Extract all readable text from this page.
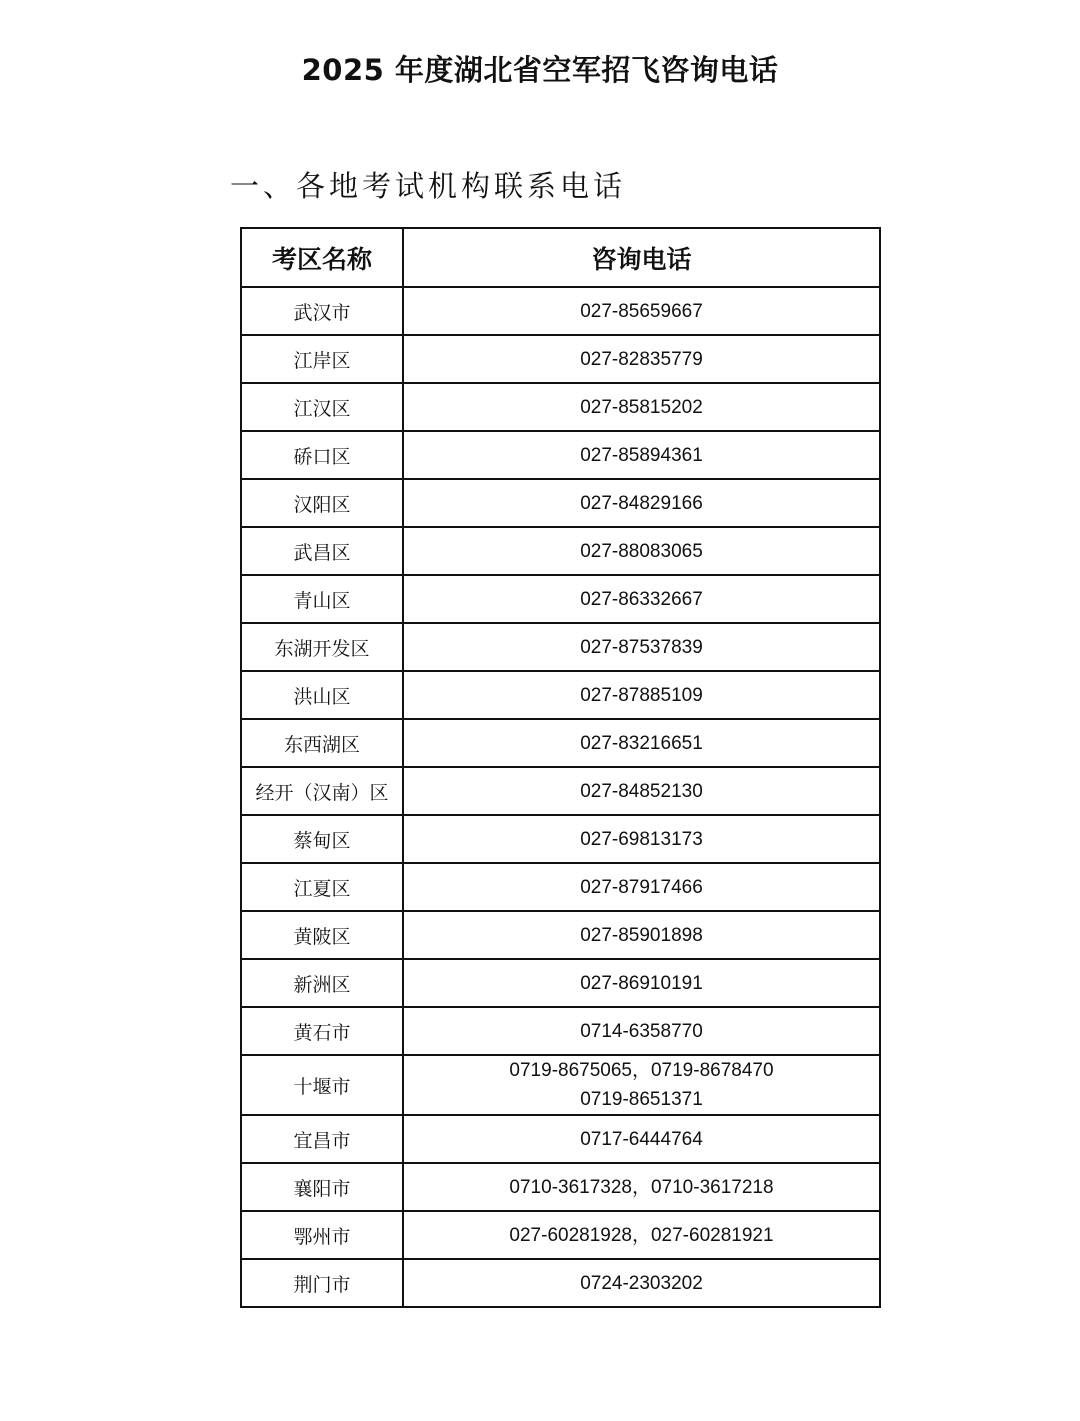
2025 年度湖北省空军招飞咨询电话
一、各地考试机构联系电话
考区名称	咨询电话
武汉市	027-85659667

江岸区	027-82835779

江汉区	027-85815202

硚口区	027-85894361

汉阳区	027-84829166

武昌区	027-88083065

青山区	027-86332667

东湖开发区	027-87537839

洪山区	027-87885109

东西湖区	027-83216651

经开（汉南）区	027-84852130

蔡甸区	027-69813173

江夏区	027-87917466

黄陂区	027-85901898

新洲区	027-86910191

黄石市	0714-6358770

十堰市	0719-8675065，0719-8678470
0719-8651371

宜昌市	0717-6444764

襄阳市	0710-3617328，0710-3617218

鄂州市	027-60281928，027-60281921

荆门市	0724-2303202
